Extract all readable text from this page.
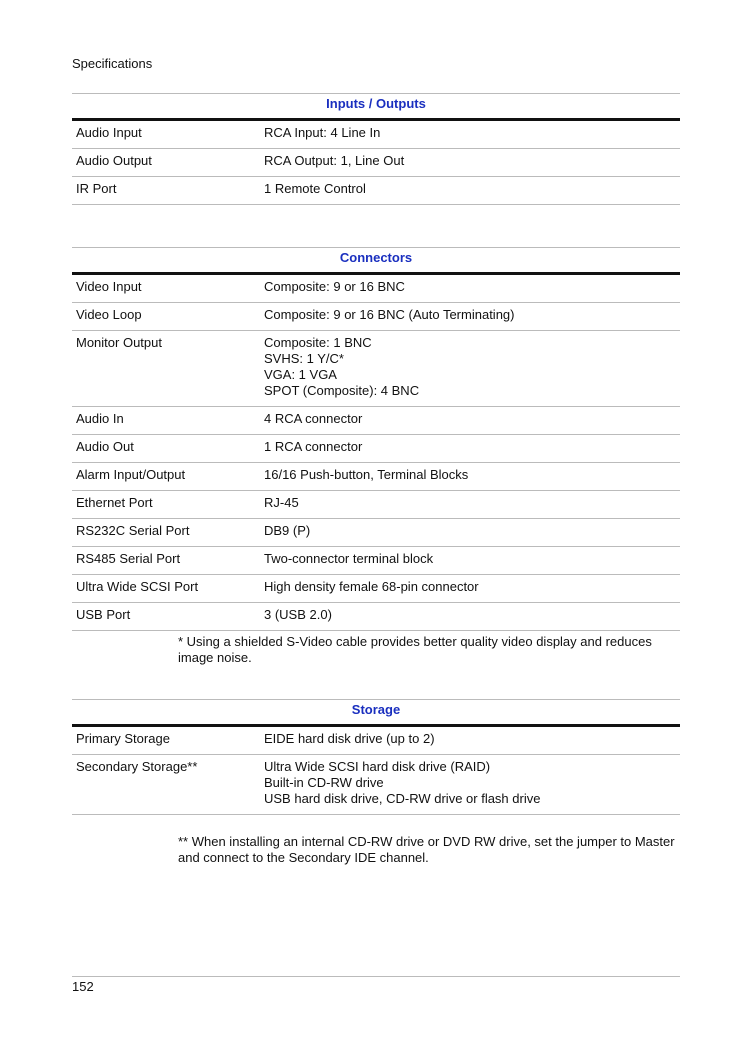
Specifications
Inputs / Outputs	
Audio Input	RCA Input: 4 Line In

Audio Output	RCA Output: 1, Line Out

IR Port	1 Remote Control
Connectors	
Video Input	Composite: 9 or 16 BNC

Video Loop	Composite: 9 or 16 BNC (Auto Terminating)

Monitor Output	Composite: 1 BNC
SVHS: 1 Y/C*
VGA: 1 VGA
SPOT (Composite): 4 BNC

Audio In	4 RCA connector

Audio Out	1 RCA connector

Alarm Input/Output	16/16 Push-button, Terminal Blocks

Ethernet Port	RJ-45

RS232C Serial Port	DB9 (P)

RS485 Serial Port	Two-connector terminal block

Ultra Wide SCSI Port	High density female 68-pin connector

USB Port	3 (USB 2.0)
* Using a shielded S-Video cable provides better quality video display and reduces image noise.
Storage	
Primary Storage	EIDE hard disk drive (up to 2)

Secondary Storage**	Ultra Wide SCSI hard disk drive (RAID)
Built-in CD-RW drive
USB hard disk drive, CD-RW drive or flash drive
** When installing an internal CD-RW drive or DVD RW drive, set the jumper to Master and connect to the Secondary IDE channel.
152
